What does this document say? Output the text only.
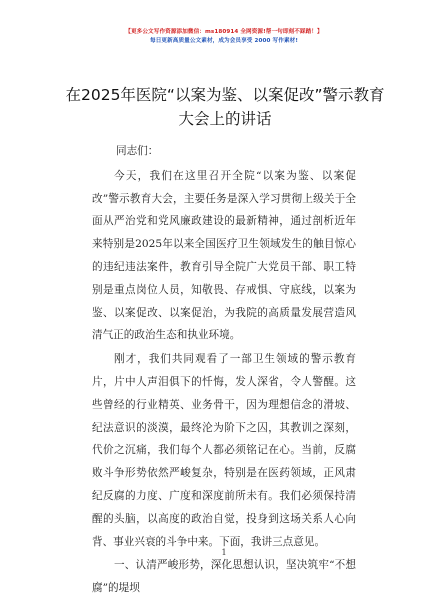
【更多公文写作资源添加微信：ms180914 全网资源!帮一句即刻不踩踏！】
每日更新高质量公文素材，成为会员享受 2000 写作素材!
在2025年医院“以案为鉴、以案促改”警示教育大会上的讲话

同志们：

今天，我们在这里召开全院“以案为鉴、以案促改”警示教育大会，主要任务是深入学习贯彻上级关于全面从严治党和党风廉政建设的最新精神，通过剖析近年来特别是2025年以来全国医疗卫生领域发生的触目惊心的违纪违法案件，教育引导全院广大党员干部、职工特别是重点岗位人员，知敬畏、存戒惧、守底线，以案为鉴、以案促改、以案促治，为我院的高质量发展营造风清气正的政治生态和执业环境。

刚才，我们共同观看了一部卫生领域的警示教育片，片中人声泪俱下的忏悔，发人深省，令人警醒。这些曾经的行业精英、业务骨干，因为理想信念的滑坡、纪法意识的淡漠，最终沦为阶下之囚，其教训之深刻，代价之沉痛，我们每个人都必须铭记在心。当前，反腐败斗争形势依然严峻复杂，特别是在医药领域，正风肃纪反腐的力度、广度和深度前所未有。我们必须保持清醒的头脑，以高度的政治自觉，投身到这场关系人心向背、事业兴衰的斗争中来。下面，我讲三点意见。

一、认清严峻形势，深化思想认识，坚决筑牢“不想腐”的堤坝

1
